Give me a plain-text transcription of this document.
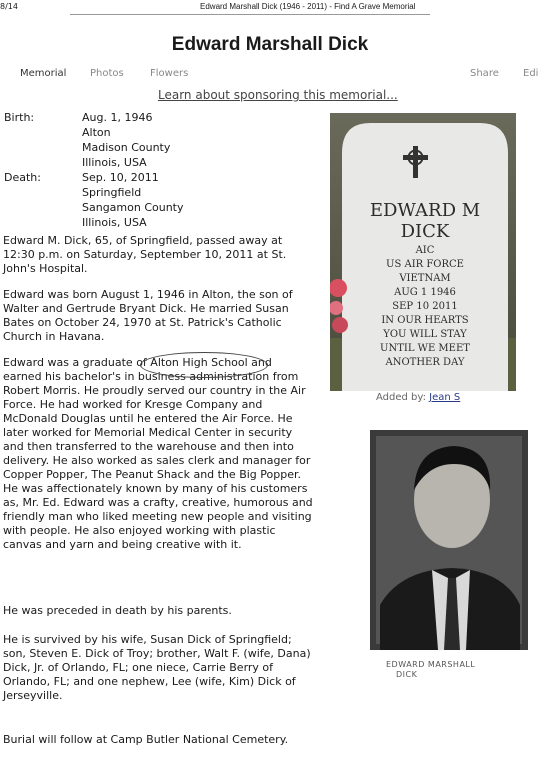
8/14	Edward Marshall Dick (1946 - 2011) - Find A Grave Memorial
Edward Marshall Dick
Memorial Photos	Flowers	Share Edi
Learn about sponsoring this memorial...
Birth:	Aug. 1, 1946
Alton
Madison County
Illinois, USA
Death:	Sep. 10, 2011
Springfield
Sangamon County
Illinois, USA
Edward M. Dick, 65, of Springfield, passed away at 12:30 p.m. on Saturday, September 10, 2011 at St. John's Hospital.
Edward was born August 1, 1946 in Alton, the son of Walter and Gertrude Bryant Dick. He married Susan Bates on October 24, 1970 at St. Patrick's Catholic Church in Havana.
Edward was a graduate of Alton High School and earned his bachelor's in business administration from Robert Morris. He proudly served our country in the Air Force. He had worked for Kresge Company and McDonald Douglas until he entered the Air Force. He later worked for Memorial Medical Center in security and then transferred to the warehouse and then into delivery. He also worked as sales clerk and manager for Copper Popper, The Peanut Shack and the Big Popper. He was affectionately known by many of his customers as, Mr. Ed. Edward was a crafty, creative, humorous and friendly man who liked meeting new people and visiting with people. He also enjoyed working with plastic canvas and yarn and being creative with it.
He was preceded in death by his parents.
He is survived by his wife, Susan Dick of Springfield; son, Steven E. Dick of Troy; brother, Walt F. (wife, Dana) Dick, Jr. of Orlando, FL; one niece, Carrie Berry of Orlando, FL; and one nephew, Lee (wife, Kim) Dick of Jerseyville.
Burial will follow at Camp Butler National Cemetery.
EDWARD M
DICK
AIC
US AIR FORCE
VIETNAM
AUG 1 1946
SEP 10 2011
IN OUR HEARTS
YOU WILL STAY
UNTIL WE MEET
ANOTHER DAY
Added by: Jean S
EDWARD MARSHALL
DICK
